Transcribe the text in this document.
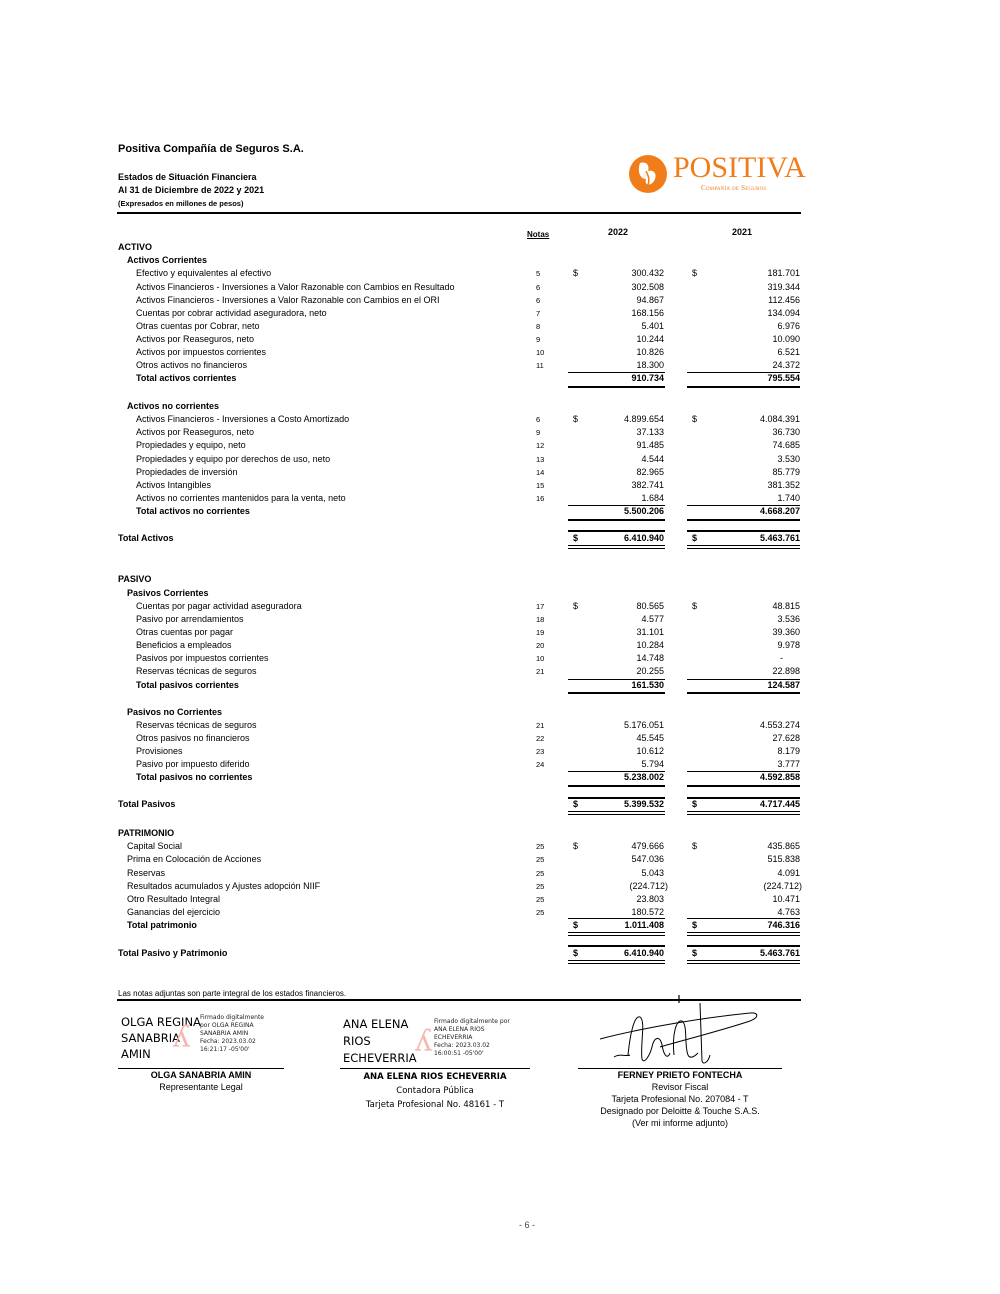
Positiva Compañía de Seguros S.A.
Estados de Situación Financiera
Al 31 de Diciembre de 2022 y 2021
(Expresados en millones de pesos)
POSITIVA
Compañía de Seguros
Notas	2022	2021
ACTIVO
Activos Corrientes
Efectivo y equivalentes al efectivo	5	$	300.432	$	181.701
Activos Financieros - Inversiones a Valor Razonable con Cambios en Resultado	6	302.508	319.344
Activos Financieros - Inversiones a Valor Razonable con Cambios en el ORI	6	94.867	112.456
Cuentas por cobrar actividad aseguradora, neto	7	168.156	134.094
Otras cuentas por Cobrar, neto	8	5.401	6.976
Activos por Reaseguros, neto	9	10.244	10.090
Activos por impuestos corrientes	10	10.826	6.521
Otros activos no financieros	11	18.300	24.372
Total activos corrientes	910.734	795.554
Activos no corrientes
Activos Financieros - Inversiones a Costo Amortizado	6	$	4.899.654	$	4.084.391
Activos por Reaseguros, neto	9	37.133	36.730
Propiedades y equipo, neto	12	91.485	74.685
Propiedades y equipo por derechos de uso, neto	13	4.544	3.530
Propiedades de inversión	14	82.965	85.779
Activos Intangibles	15	382.741	381.352
Activos no corrientes mantenidos para la venta, neto	16	1.684	1.740
Total activos no corrientes	5.500.206	4.668.207
Total Activos	$	6.410.940	$	5.463.761
PASIVO
Pasivos Corrientes
Cuentas por pagar actividad aseguradora	17	$	80.565	$	48.815
Pasivo por arrendamientos	18	4.577	3.536
Otras cuentas por pagar	19	31.101	39.360
Beneficios a empleados	20	10.284	9.978
Pasivos por impuestos corrientes	10	14.748	-
Reservas técnicas de seguros	21	20.255	22.898
Total pasivos corrientes	161.530	124.587
Pasivos no Corrientes
Reservas técnicas de seguros	21	5.176.051	4.553.274
Otros pasivos no financieros	22	45.545	27.628
Provisiones	23	10.612	8.179
Pasivo por impuesto diferido	24	5.794	3.777
Total pasivos no corrientes	5.238.002	4.592.858
Total Pasivos	$	5.399.532	$	4.717.445
PATRIMONIO
Capital Social	25	$	479.666	$	435.865
Prima en Colocación de Acciones	25	547.036	515.838
Reservas	25	5.043	4.091
Resultados acumulados y Ajustes adopción NIIF	25	(224.712)	(224.712)
Otro Resultado Integral	25	23.803	10.471
Ganancias del ejercicio	25	180.572	4.763
Total patrimonio	$	1.011.408	$	746.316
Total Pasivo y Patrimonio	$	6.410.940	$	5.463.761
Las notas adjuntas son parte integral de los estados financieros.
ʎ
OLGA REGINA
SANABRIA
AMIN
Firmado digitalmente
por OLGA REGINA
SANABRIA AMIN
Fecha: 2023.03.02
16:21:17 -05'00'
OLGA SANABRIA AMIN
Representante Legal
ʎ
ANA ELENA
RIOS
ECHEVERRIA
Firmado digitalmente por
ANA ELENA RIOS
ECHEVERRIA
Fecha: 2023.03.02
16:00:51 -05'00'
ANA ELENA RIOS ECHEVERRIA
Contadora Pública
Tarjeta Profesional No. 48161 - T
FERNEY PRIETO FONTECHA
Revisor Fiscal
Tarjeta Profesional No. 207084 - T
Designado por Deloitte & Touche S.A.S.
(Ver mi informe adjunto)
- 6 -
